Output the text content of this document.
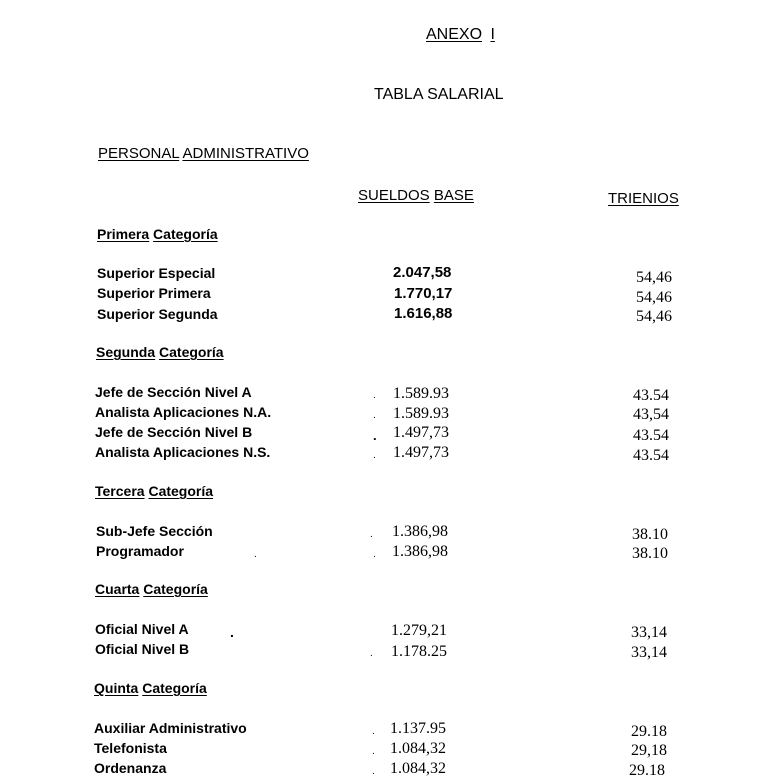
ANEXO I
TABLA SALARIAL
PERSONAL ADMINISTRATIVO
SUELDOS BASE	TRIENIOS
Primera Categoría
Segunda Categoría
Tercera Categoría
Cuarta Categoría
Quinta Categoría
Superior Especial	2.047,58	54,46
Superior Primera	1.770,17	54,46
Superior Segunda	1.616,88	54,46
Jefe de Sección Nivel A	. 1.589.93	43.54
Analista Aplicaciones N.A.	. 1.589.93	43,54
Jefe de Sección Nivel B	. 1.497,73	43.54
Analista Aplicaciones N.S.	. 1.497,73	43.54
Sub-Jefe Sección	. 1.386,98	38.10
Programador	.	. 1.386,98	38.10
Oficial Nivel A	.	1.279,21	33,14
Oficial Nivel B	. 1.178.25	33,14
Auxiliar Administrativo	. 1.137.95	29.18
Telefonista	. 1.084,32	29,18
Ordenanza	. 1.084,32	29.18
